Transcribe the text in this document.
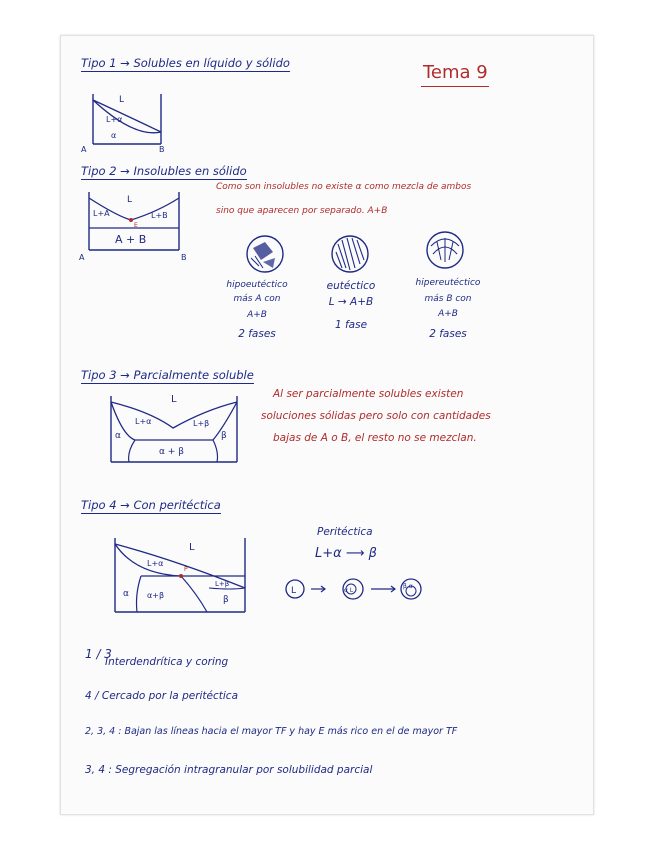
Tema 9
Tipo 1 → Solubles en líquido y sólido
L
L+α
α
A	B
Tipo 2 → Insolubles en sólido
L
L+A	L+B
E
A + B
A	B
Como son insolubles no existe α como mezcla de ambos
sino que aparecen por separado. A+B
hipoeutéctico
más A con
A+B
2 fases
eutéctico
L → A+B
1 fase
hipereutéctico
más B con
A+B
2 fases
Tipo 3 → Parcialmente soluble
L
L+α	L+β
α	β
α + β
Al ser parcialmente solubles existen
soluciones sólidas pero solo con cantidades
bajas de A o B, el resto no se mezclan.
Tipo 4 → Con peritéctica
L
L+α
P
α α+β
L+β
β
Peritéctica
L+α ⟶ β
L	α L
β α
1 / 3
Interdendrítica y coring
4 / Cercado por la peritéctica
2, 3, 4 : Bajan las líneas hacia el mayor TF y hay E más rico en el de mayor TF
3, 4 : Segregación intragranular por solubilidad parcial
